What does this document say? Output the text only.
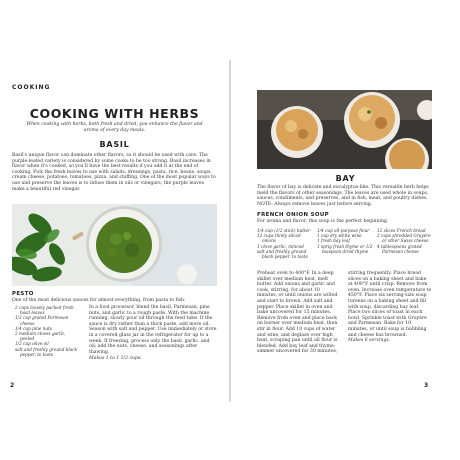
COOKING
COOKING WITH HERBS
When cooking with herbs, both fresh and dried, you enhance the flavor and aroma of every day meals.
BASIL
Basil's unique flavor can dominate other flavors, so it should be used with care. The purple-leafed variety is considered by some cooks to be too strong. Basil increases in flavor when it's cooked, so you'll have the best results if you add it at the end of cooking. Pick the fresh leaves to use with salads, dressings, pasta, rice, beans, soups, cream cheese, potatoes, tomatoes, pizza, and stuffing. One of the most popular ways to use and preserve the leaves is to infuse them in oils or vinegars; the purple leaves make a beautiful red vinegar.
PESTO
One of the most delicious sauces for almost everything, from pasta to fish.
2 cups loosely packed fresh basil leaves
1/2 cup grated Parmesan cheese
1/4 cup pine nuts
2 medium cloves garlic, peeled
1/2 cup olive oil
salt and freshly ground black pepper, to taste
In a food processor, blend the basil, Parmesan, pine nuts, and garlic to a rough paste. With the machine running, slowly pour oil through the feed tube. If the sauce is dry rather than a thick paste, add more oil. Season with salt and pepper. Use immediately or store in a covered glass jar in the refrigerator for up to a week. If freezing, process only the basil, garlic, and oil; add the nuts, cheese, and seasonings after thawing.
Makes 1 to 1 1/2 cups.
2
BAY
The flavor of bay is delicate and eucalyptus-like. This versatile herb helps meld the flavors of other seasonings. The leaves are used whole in soups, sauces, condiments, and preserves, and in fish, meat, and poultry dishes. NOTE: Always remove leaves just before serving.
FRENCH ONION SOUP
For aroma and flavor, this soup is the perfect beginning.
1/4 cup (1/2 stick) butter
12 cups thinly sliced onions
1 clove garlic, minced
salt and freshly ground black pepper, to taste
1/4 cup all-purpose flour
1 cup dry white wine
1 fresh bay leaf
1 sprig fresh thyme or 1/2 teaspoon dried thyme
12 slices French bread
2 cups shredded Gruyère or other Swiss cheese
4 tablespoons grated Parmesan cheese
Preheat oven to 400°F. In a deep skillet over medium heat, melt butter. Add onions and garlic and cook, stirring, for about 10 minutes, or until onions are wilted and start to brown. Add salt and pepper. Place skillet in oven and bake uncovered for 15 minutes. Remove from oven and place back on burner over medium heat, then stir in flour. Add 10 cups of water and wine, and deglaze over high heat, scraping pan until all flour is blended. Add bay leaf and thyme; simmer uncovered for 30 minutes,
stirring frequently. Place bread slices on a baking sheet and bake at 400°F until crisp. Remove from oven. Increase oven temperature to 450°F. Place six serving-size soup tureens on a baking sheet and fill with soup, discarding bay leaf. Place two slices of toast in each bowl. Sprinkle toast with Gruyère and Parmesan. Bake for 10 minutes, or until soup is bubbling and cheese has browned.
Makes 6 servings.
3
